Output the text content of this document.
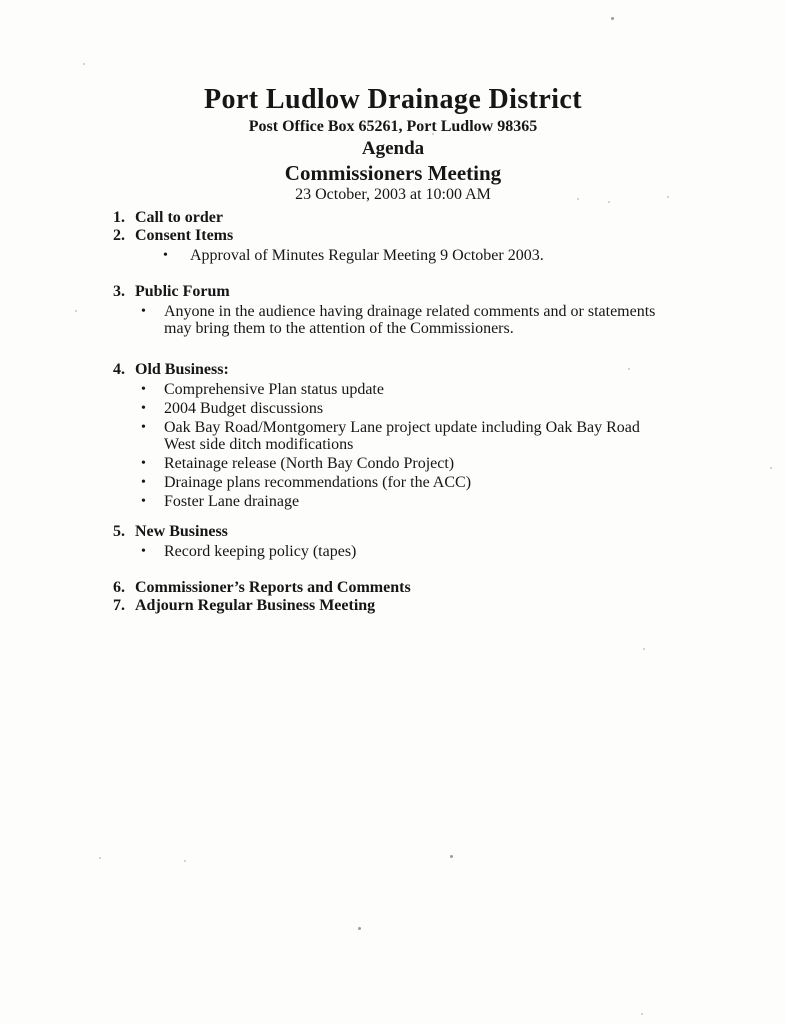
Port Ludlow Drainage District
Post Office Box 65261, Port Ludlow 98365
Agenda
Commissioners Meeting
23 October, 2003 at 10:00 AM
1. Call to order
2. Consent Items
•	Approval of Minutes Regular Meeting 9 October 2003.
3. Public Forum
•	Anyone in the audience having drainage related comments and or statements may bring them to the attention of the Commissioners.
4. Old Business:
•	Comprehensive Plan status update
•	2004 Budget discussions
•	Oak Bay Road/Montgomery Lane project update including Oak Bay Road West side ditch modifications
•	Retainage release (North Bay Condo Project)
•	Drainage plans recommendations (for the ACC)
•	Foster Lane drainage
5. New Business
•	Record keeping policy (tapes)
6. Commissioner’s Reports and Comments
7. Adjourn Regular Business Meeting
